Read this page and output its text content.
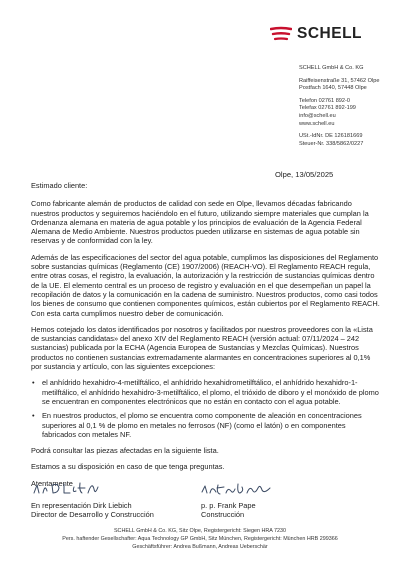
SCHELL
SCHELL GmbH & Co. KG
Raiffeisenstraße 31, 57462 Olpe
Postfach 1640, 57448 Olpe
Telefon 02761 892-0
Telefax 02761 892-199
info@schell.eu
www.schell.eu
USt.-IdNr. DE 126181669
Steuer-Nr. 338/5862/0227
Olpe, 13/05/2025

Estimado cliente:

Como fabricante alemán de productos de calidad con sede en Olpe, llevamos décadas fabricando nuestros productos y seguiremos haciéndolo en el futuro, utilizando siempre materiales que cumplan la Ordenanza alemana en materia de agua potable y los principios de evaluación de la Agencia Federal Alemana de Medio Ambiente. Nuestros productos pueden utilizarse en sistemas de agua potable sin reservas y de conformidad con la ley.

Además de las especificaciones del sector del agua potable, cumplimos las disposiciones del Reglamento sobre sustancias químicas (Reglamento (CE) 1907/2006) (REACH-VO). El Reglamento REACH regula, entre otras cosas, el registro, la evaluación, la autorización y la restricción de sustancias químicas dentro de la UE. El elemento central es un proceso de registro y evaluación en el que desempeñan un papel la recopilación de datos y la comunicación en la cadena de suministro. Nuestros productos, como casi todos los bienes de consumo que contienen componentes químicos, están cubiertos por el Reglamento REACH. Con esta carta cumplimos nuestro deber de comunicación.

Hemos cotejado los datos identificados por nosotros y facilitados por nuestros proveedores con la «Lista de sustancias candidatas» del anexo XIV del Reglamento REACH (versión actual: 07/11/2024 – 242 sustancias) publicada por la ECHA (Agencia Europea de Sustancias y Mezclas Químicas). Nuestros productos no contienen sustancias extremadamente alarmantes en concentraciones superiores al 0,1% por sustancia y artículo, con las siguientes excepciones:

• el anhídrido hexahidro-4-metilftálico, el anhídrido hexahidrometilftálico, el anhídrido hexahidro-1-metilftálico, el anhídrido hexahidro-3-metilftálico, el plomo, el trióxido de diboro y el monóxido de plomo se encuentran en componentes electrónicos que no están en contacto con el agua potable.
• En nuestros productos, el plomo se encuentra como componente de aleación en concentraciones superiores al 0,1 % de plomo en metales no ferrosos (NF) (como el latón) o en componentes fabricados con metales NF.

Podrá consultar las piezas afectadas en la siguiente lista.

Estamos a su disposición en caso de que tenga preguntas.

Atentamente

En representación Dirk Liebich
Director de Desarrollo y Construcción
p. p. Frank Pape
Construcción
SCHELL GmbH & Co. KG, Sitz Olpe, Registergericht: Siegen HRA 7230
Pers. haftender Gesellschafter: Aqua Technology GP GmbH, Sitz München, Registergericht: München HRB 299366
Geschäftsführer: Andrea Bußmann, Andreas Ueberschär
